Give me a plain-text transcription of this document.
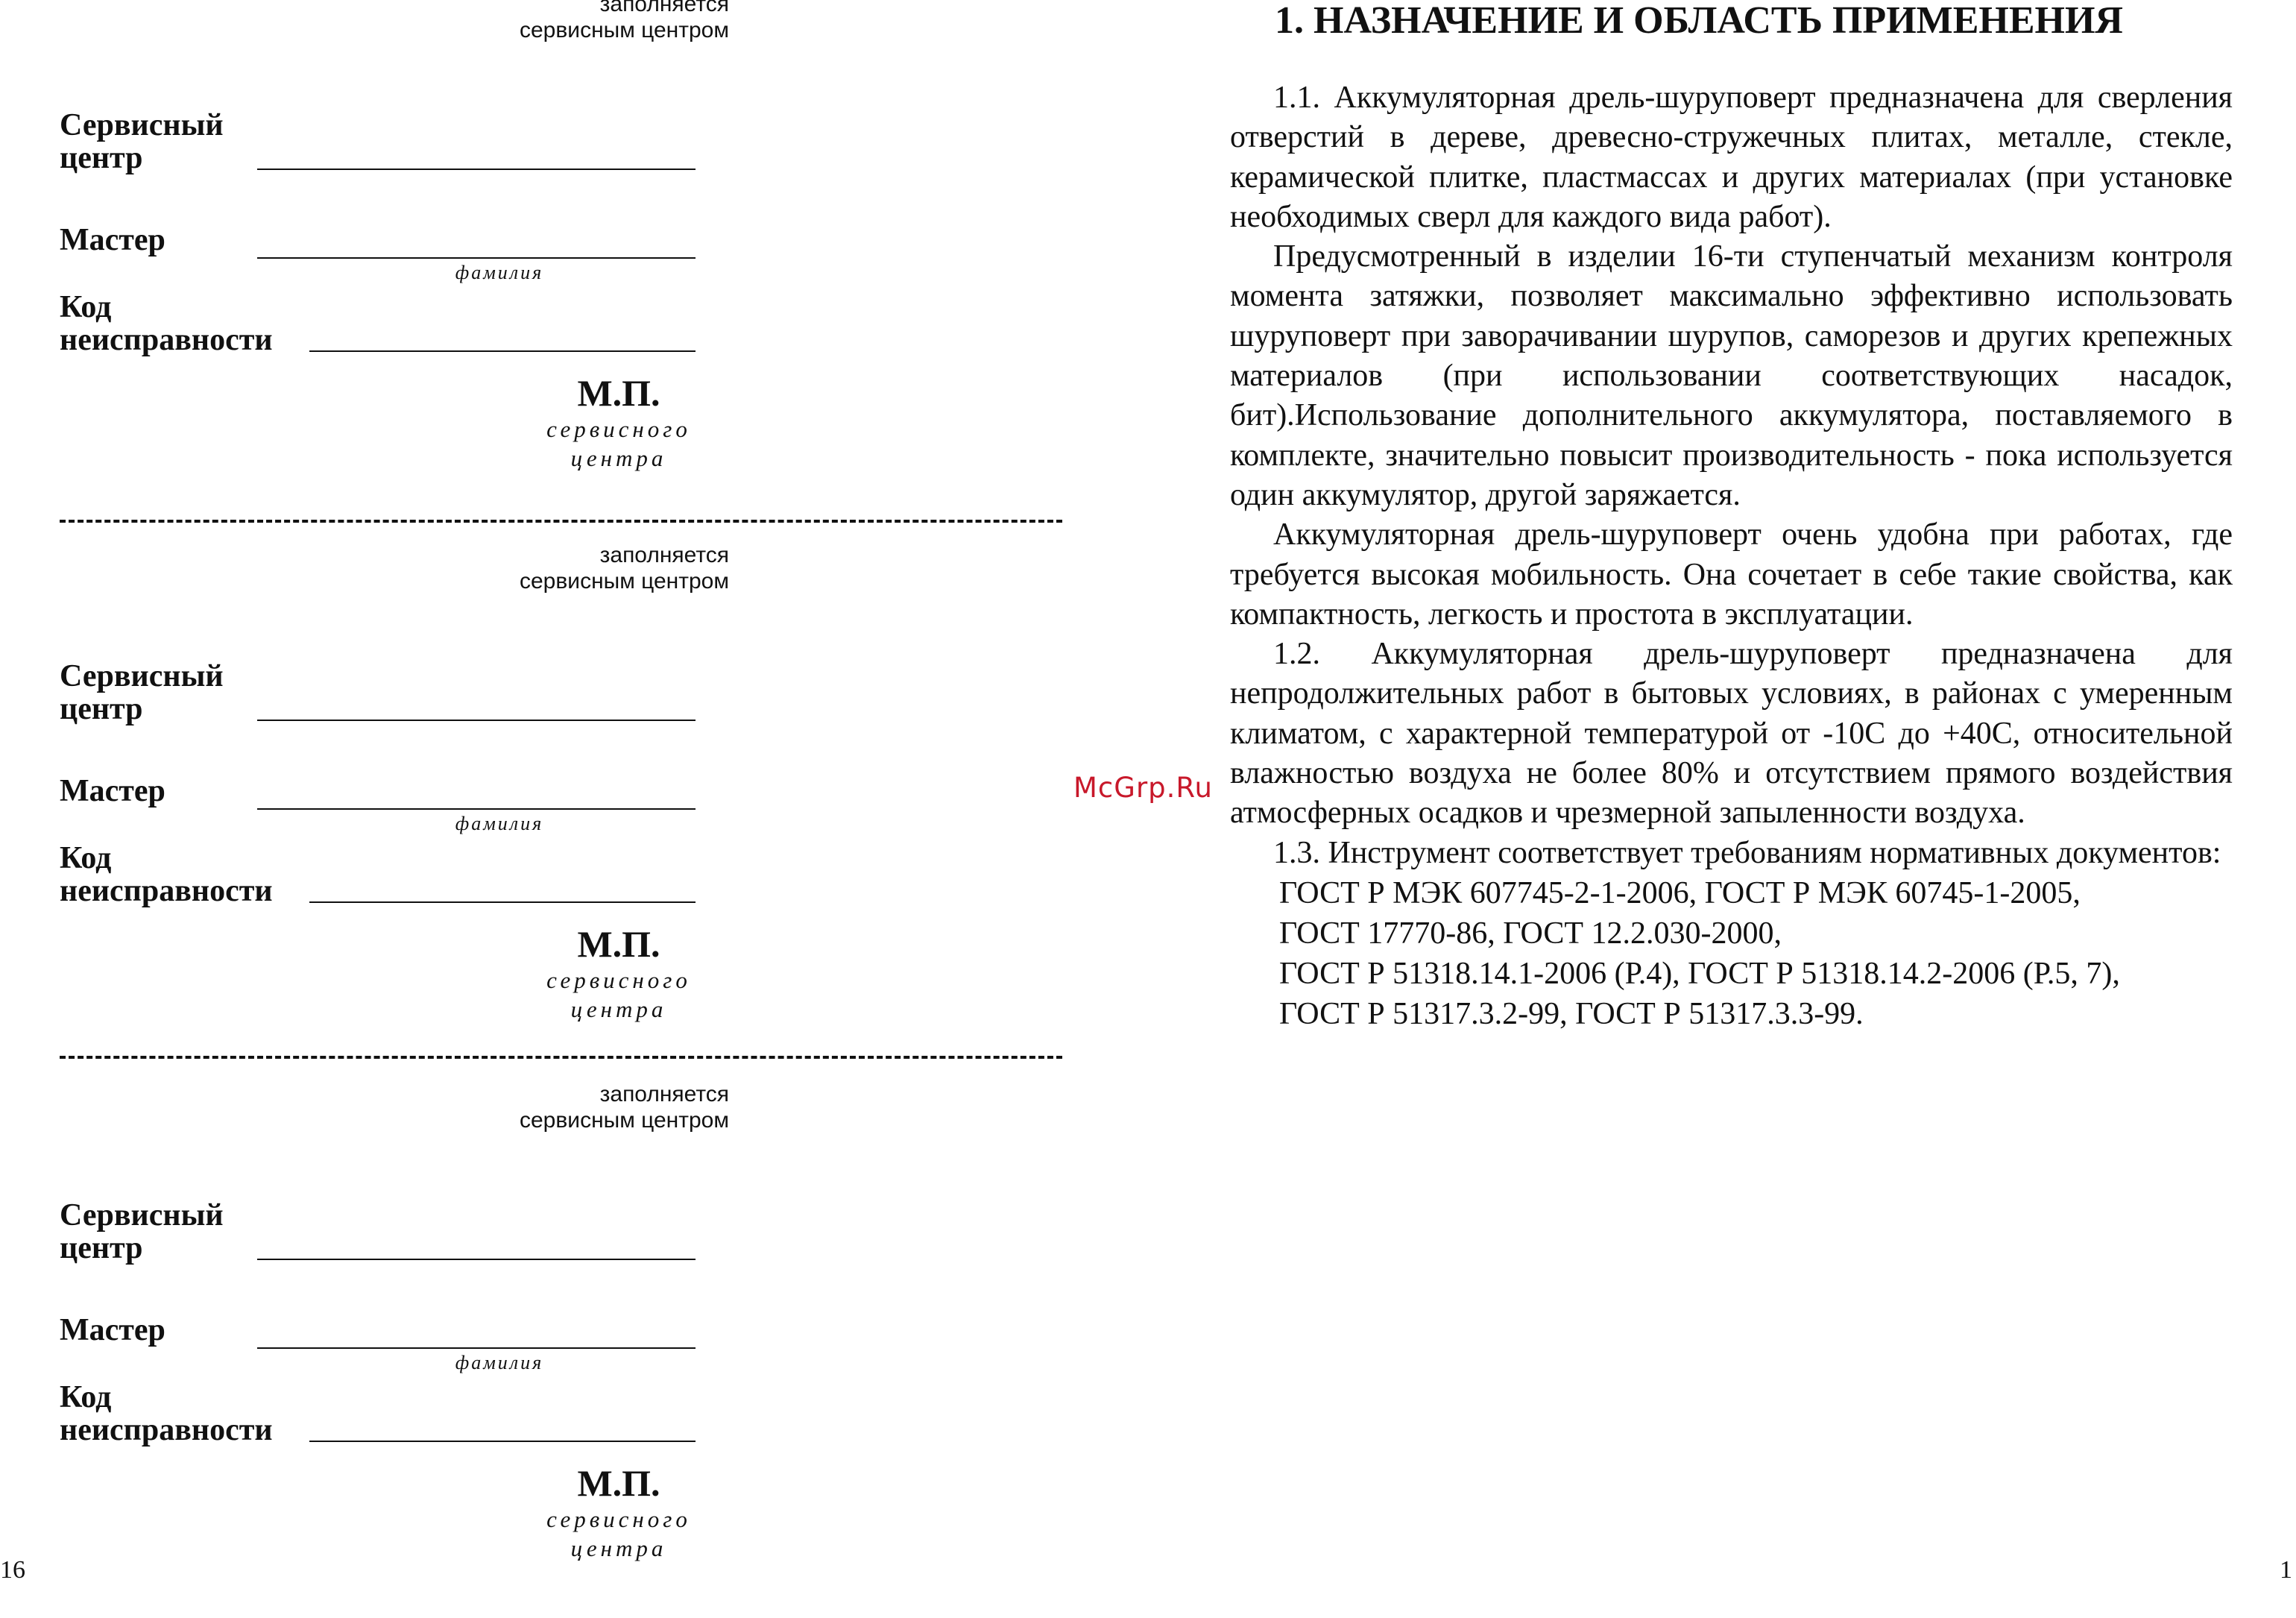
заполняется
сервисным центром
Сервисный
центр
Мастер
фамилия
Код
неисправности
М.П.
сервисного
центра
заполняется
сервисным центром
Сервисный
центр
Мастер
фамилия
Код
неисправности
М.П.
сервисного
центра
заполняется
сервисным центром
Сервисный
центр
Мастер
фамилия
Код
неисправности
М.П.
сервисного
центра
16
1. НАЗНАЧЕНИЕ И ОБЛАСТЬ ПРИМЕНЕНИЯ

1.1. Аккумуляторная дрель-шуруповерт предназначена для сверления отверстий в дереве, древесно-стружечных плитах, металле, стекле, керамической плитке, пластмассах и других материалах (при установке необходимых сверл для каждого вида работ).

Предусмотренный в изделии 16-ти ступенчатый механизм контроля момента затяжки, позволяет максимально эффективно использовать шуруповерт при заворачивании шурупов, саморезов и других крепежных материалов (при использовании соответствующих насадок, бит).Использование дополнительного аккумулятора, поставляемого в комплекте, значительно повысит производительность - пока используется один аккумулятор, другой заряжается.

Аккумуляторная дрель-шуруповерт очень удобна при работах, где требуется высокая мобильность. Она сочетает в себе такие свойства, как компактность, легкость и простота в эксплуатации.

1.2. Аккумуляторная дрель-шуруповерт предназначена для непродолжительных работ в бытовых условиях, в районах с умеренным климатом, с характерной температурой от -10С до +40С, относительной влажностью воздуха не более 80% и отсутствием прямого воздействия атмосферных осадков и чрезмерной запыленности воздуха.

1.3. Инструмент соответствует требованиям нормативных документов:

ГОСТ Р МЭК 607745-2-1-2006, ГОСТ Р МЭК 60745-1-2005,
ГОСТ 17770-86, ГОСТ 12.2.030-2000,
ГОСТ Р 51318.14.1-2006 (Р.4), ГОСТ Р 51318.14.2-2006 (Р.5, 7),
ГОСТ Р 51317.3.2-99, ГОСТ Р 51317.3.3-99.
1
McGrp.Ru
